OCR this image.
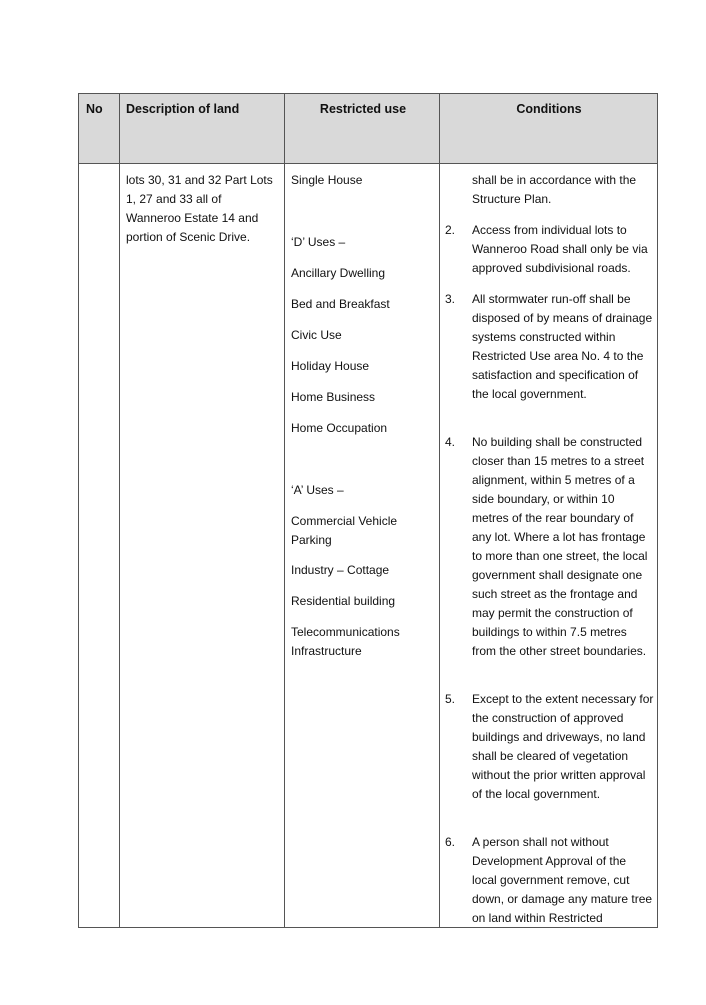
No Description of land	Restricted use	Conditions
lots 30, 31 and 32 Part Lots 1, 27 and 33 all of Wanneroo Estate 14 and portion of Scenic Drive.
Single House
‘D’ Uses –
Ancillary Dwelling
Bed and Breakfast
Civic Use
Holiday House
Home Business
Home Occupation
‘A’ Uses –
Commercial Vehicle Parking
Industry – Cottage
Residential building
Telecommunications Infrastructure
shall be in accordance with the Structure Plan.
2. Access from individual lots to Wanneroo Road shall only be via approved subdivisional roads.
3. All stormwater run-off shall be disposed of by means of drainage systems constructed within Restricted Use area No. 4 to the satisfaction and specification of the local government.
4. No building shall be constructed closer than 15 metres to a street alignment, within 5 metres of a side boundary, or within 10 metres of the rear boundary of any lot. Where a lot has frontage to more than one street, the local government shall designate one such street as the frontage and may permit the construction of buildings to within 7.5 metres from the other street boundaries.
5. Except to the extent necessary for the construction of approved buildings and driveways, no land shall be cleared of vegetation without the prior written approval of the local government.
6. A person shall not without Development Approval of the local government remove, cut down, or damage any mature tree on land within Restricted
